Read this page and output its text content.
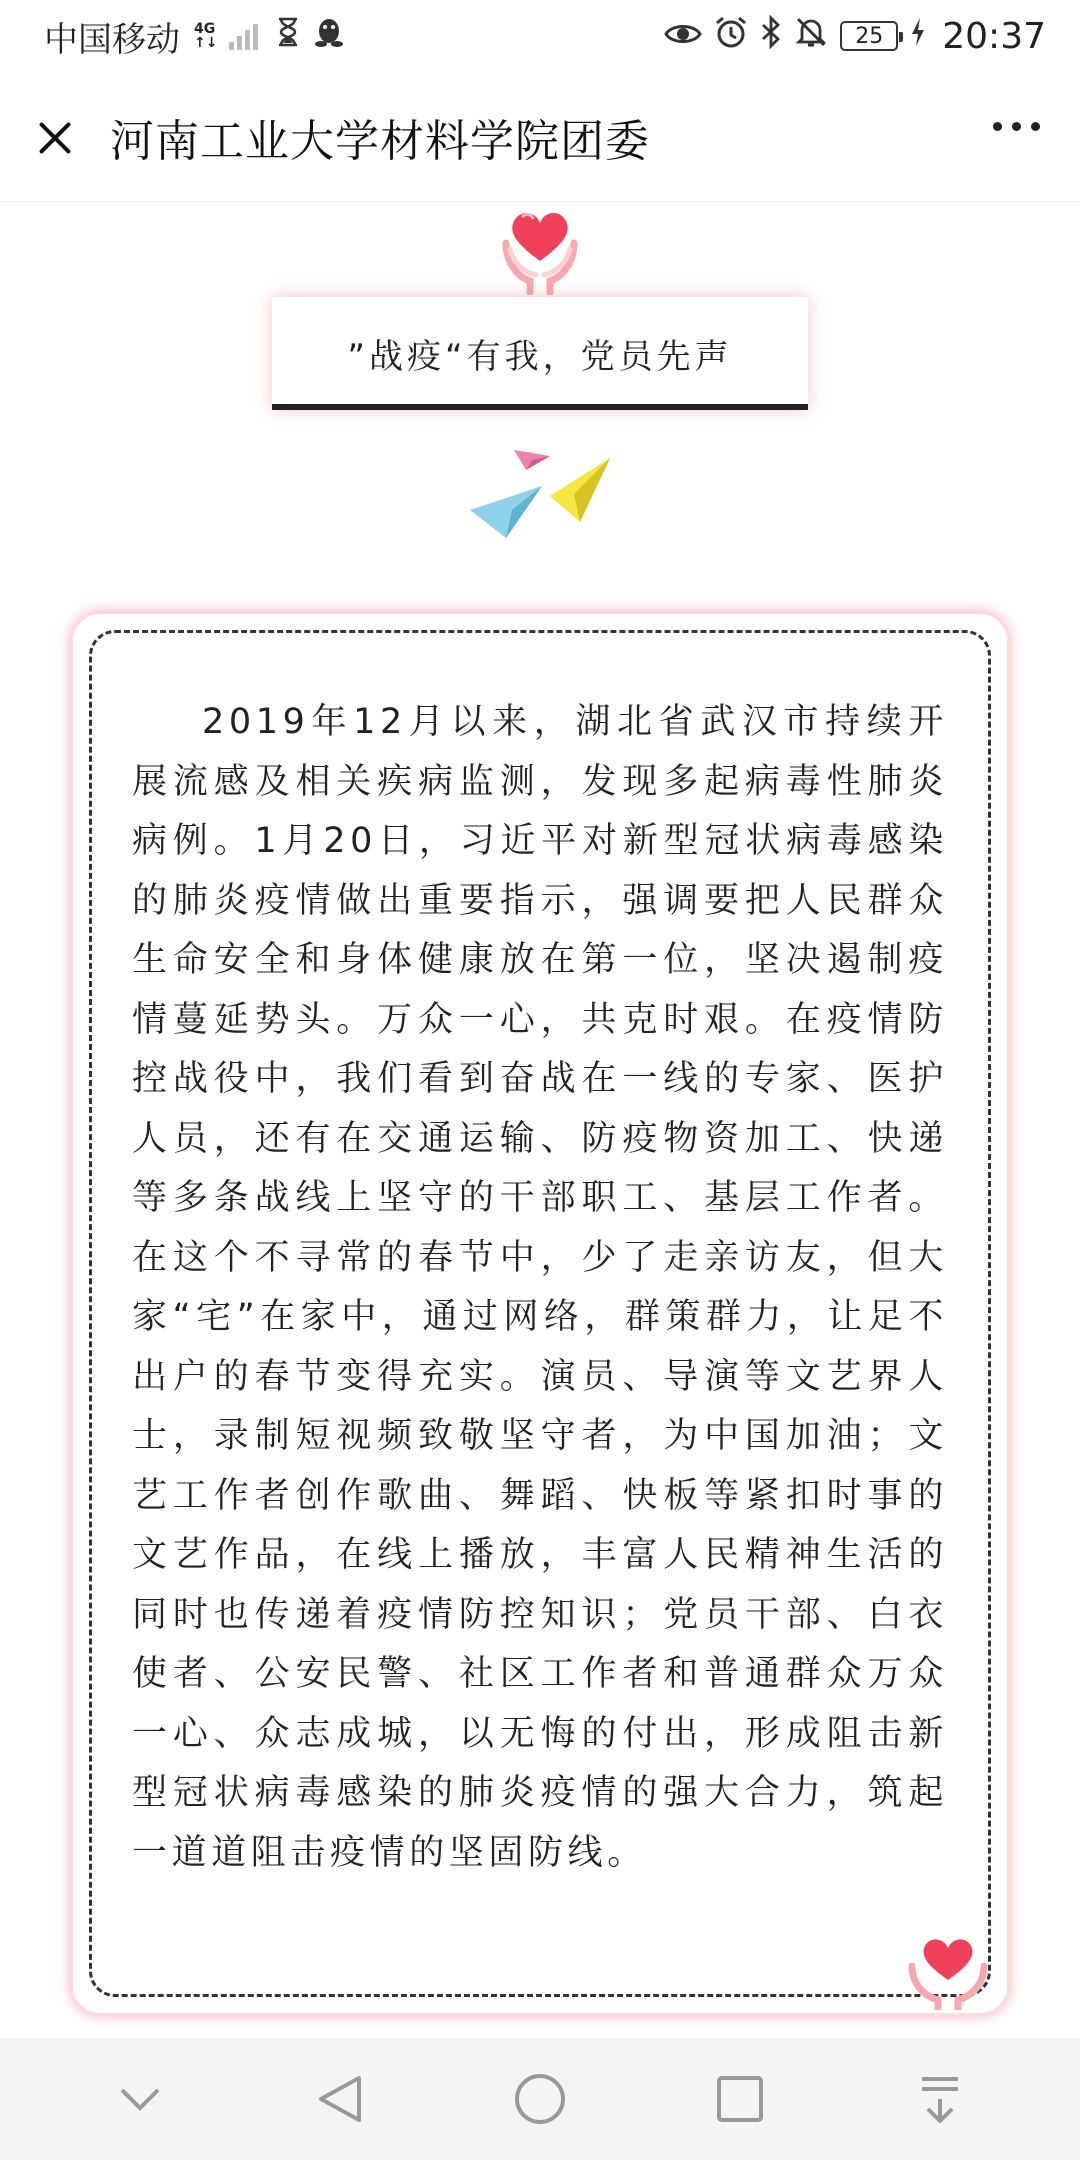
中国移动 4G
↑↓	25 20:37
河南工业大学材料学院团委
”战疫“有我，党员先声

2019年12月以来，湖北省武汉市持续开展流感及相关疾病监测，发现多起病毒性肺炎病例。1月20日，习近平对新型冠状病毒感染的肺炎疫情做出重要指示，强调要把人民群众生命安全和身体健康放在第一位，坚决遏制疫情蔓延势头。万众一心，共克时艰。在疫情防控战役中，我们看到奋战在一线的专家、医护人员，还有在交通运输、防疫物资加工、快递等多条战线上坚守的干部职工、基层工作者。在这个不寻常的春节中，少了走亲访友，但大家“宅”在家中，通过网络，群策群力，让足不出户的春节变得充实。演员、导演等文艺界人士，录制短视频致敬坚守者，为中国加油；文艺工作者创作歌曲、舞蹈、快板等紧扣时事的文艺作品，在线上播放，丰富人民精神生活的同时也传递着疫情防控知识；党员干部、白衣使者、公安民警、社区工作者和普通群众万众一心、众志成城，以无悔的付出，形成阻击新型冠状病毒感染的肺炎疫情的强大合力，筑起一道道阻击疫情的坚固防线。
